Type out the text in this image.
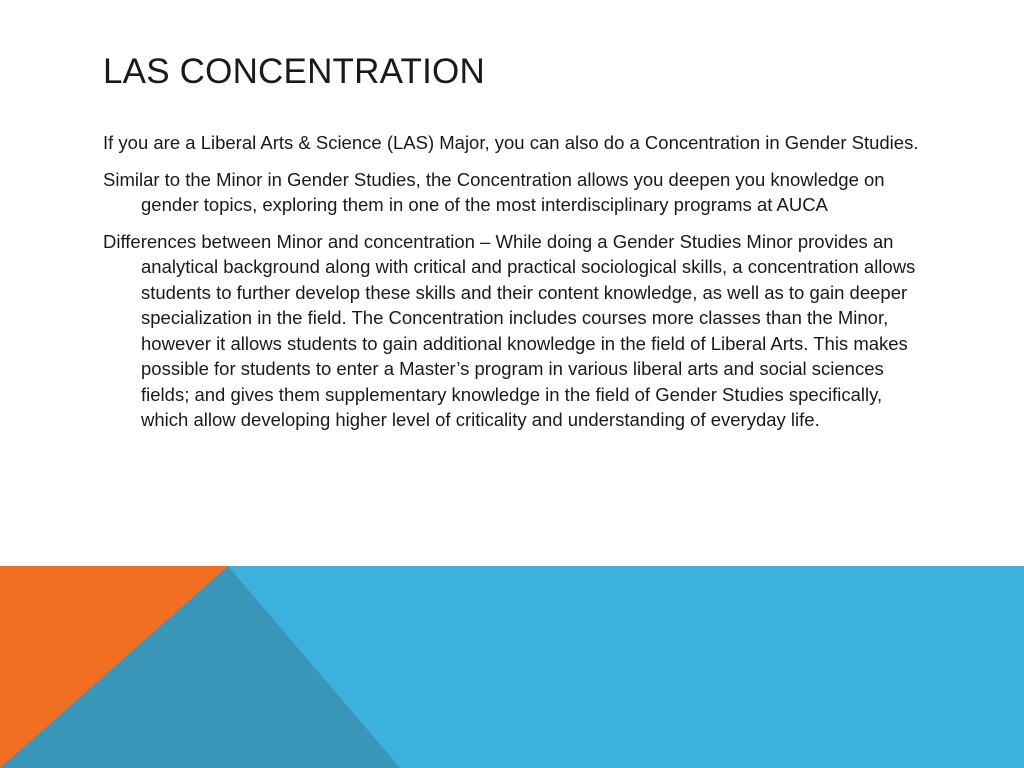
LAS CONCENTRATION

If you are a Liberal Arts & Science (LAS) Major, you can also do a Concentration in Gender Studies.

Similar to the Minor in Gender Studies, the Concentration allows you deepen you knowledge on gender topics, exploring them in one of the most interdisciplinary programs at AUCA

Differences between Minor and concentration – While doing a Gender Studies Minor provides an analytical background along with critical and practical sociological skills, a concentration allows students to further develop these skills and their content knowledge, as well as to gain deeper specialization in the field. The Concentration includes courses more classes than the Minor, however it allows students to gain additional knowledge in the field of Liberal Arts. This makes possible for students to enter a Master’s program in various liberal arts and social sciences fields; and gives them supplementary knowledge in the field of Gender Studies specifically, which allow developing higher level of criticality and understanding of everyday life.
